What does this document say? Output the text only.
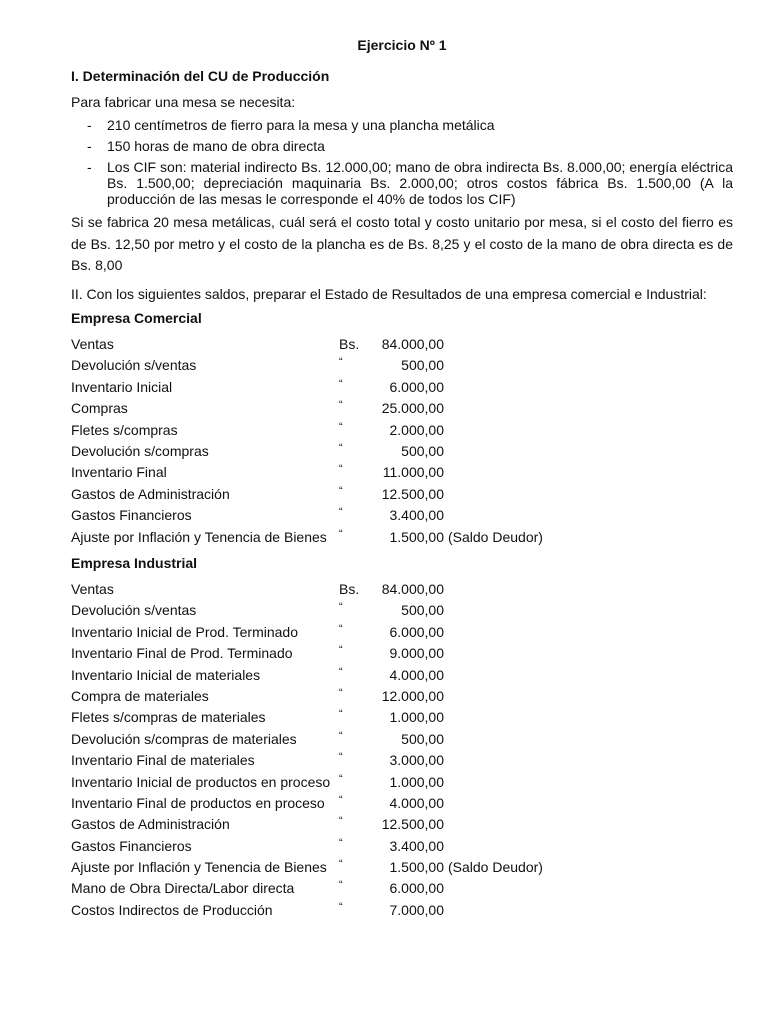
Ejercicio Nº 1
I. Determinación del CU de Producción
Para fabricar una mesa se necesita:
- 210 centímetros de fierro para la mesa y una plancha metálica
- 150 horas de mano de obra directa
- Los CIF son: material indirecto Bs. 12.000,00; mano de obra indirecta Bs. 8.000,00; energía eléctrica Bs. 1.500,00; depreciación maquinaria Bs. 2.000,00; otros costos fábrica Bs. 1.500,00 (A la producción de las mesas le corresponde el 40% de todos los CIF)
Si se fabrica 20 mesa metálicas, cuál será el costo total y costo unitario por mesa, si el costo del fierro es de Bs. 12,50 por metro y el costo de la plancha es de Bs. 8,25 y el costo de la mano de obra directa es de Bs. 8,00
II. Con los siguientes saldos, preparar el Estado de Resultados de una empresa comercial e Industrial:
Empresa Comercial
Ventas	Bs. 84.000,00
Devolución s/ventas	“	500,00
Inventario Inicial	“	6.000,00
Compras	“	25.000,00
Fletes s/compras	“	2.000,00
Devolución s/compras	“	500,00
Inventario Final	“	11.000,00
Gastos de Administración	“	12.500,00
Gastos Financieros	“	3.400,00
Ajuste por Inflación y Tenencia de Bienes “	1.500,00 (Saldo Deudor)
Empresa Industrial
Ventas	Bs. 84.000,00
Devolución s/ventas	“	500,00
Inventario Inicial de Prod. Terminado	“	6.000,00
Inventario Final de Prod. Terminado	“	9.000,00
Inventario Inicial de materiales	“	4.000,00
Compra de materiales	“	12.000,00
Fletes s/compras de materiales	“	1.000,00
Devolución s/compras de materiales	“	500,00
Inventario Final de materiales	“	3.000,00
Inventario Inicial de productos en proceso “	1.000,00
Inventario Final de productos en proceso “	4.000,00
Gastos de Administración	“	12.500,00
Gastos Financieros	“	3.400,00
Ajuste por Inflación y Tenencia de Bienes “	1.500,00 (Saldo Deudor)
Mano de Obra Directa/Labor directa	“	6.000,00
Costos Indirectos de Producción	“	7.000,00
